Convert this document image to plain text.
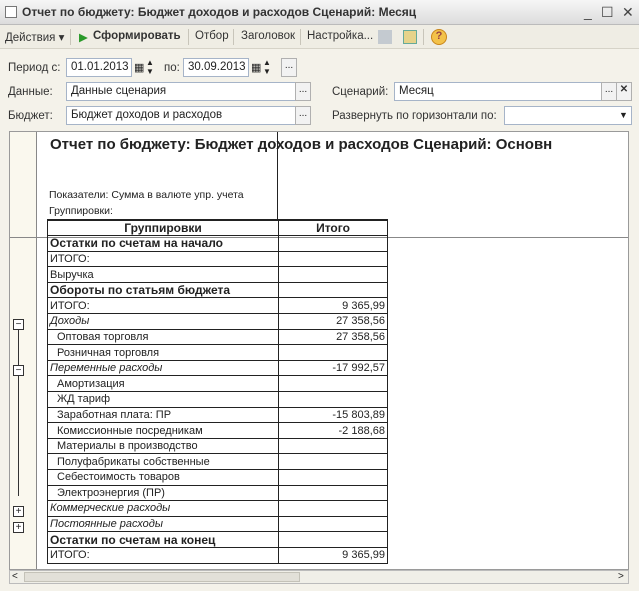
Отчет по бюджету: Бюджет доходов и расходов Сценарий: Месяц	_ ☐ ✕
Действия ▾ ▶ Сформировать Отбор Заголовок Настройка...	?
Период с: 01.01.2013 ▦ ▲
▼ по: 30.09.2013 ▦ ▲
▼
...
Данные:	Данные сценария	...	Сценарий: Месяц	... ✕
Бюджет:	Бюджет доходов и расходов	...	Развернуть по горизонтали по:	▼
Отчет по бюджету: Бюджет доходов и расходов Сценарий: Основн
Показатели: Сумма в валюте упр. учета
Группировки:
Группировки	Итого
Остатки по счетам на начало	
ИТОГО:	
Выручка	
Обороты по статьям бюджета	
ИТОГО:	9 365,99
Доходы	27 358,56
Оптовая торговля	27 358,56
Розничная торговля	
Переменные расходы	-17 992,57
Амортизация	
ЖД тариф	
Заработная плата: ПР	-15 803,89
Комиссионные посредникам	-2 188,68
Материалы в производство	
Полуфабрикаты собственные	
Себестоимость товаров	
Электроэнергия (ПР)	
Коммерческие расходы	
Постоянные расходы	
Остатки по счетам на конец	
ИТОГО:	9 365,99
−
−
+
+
<	>
